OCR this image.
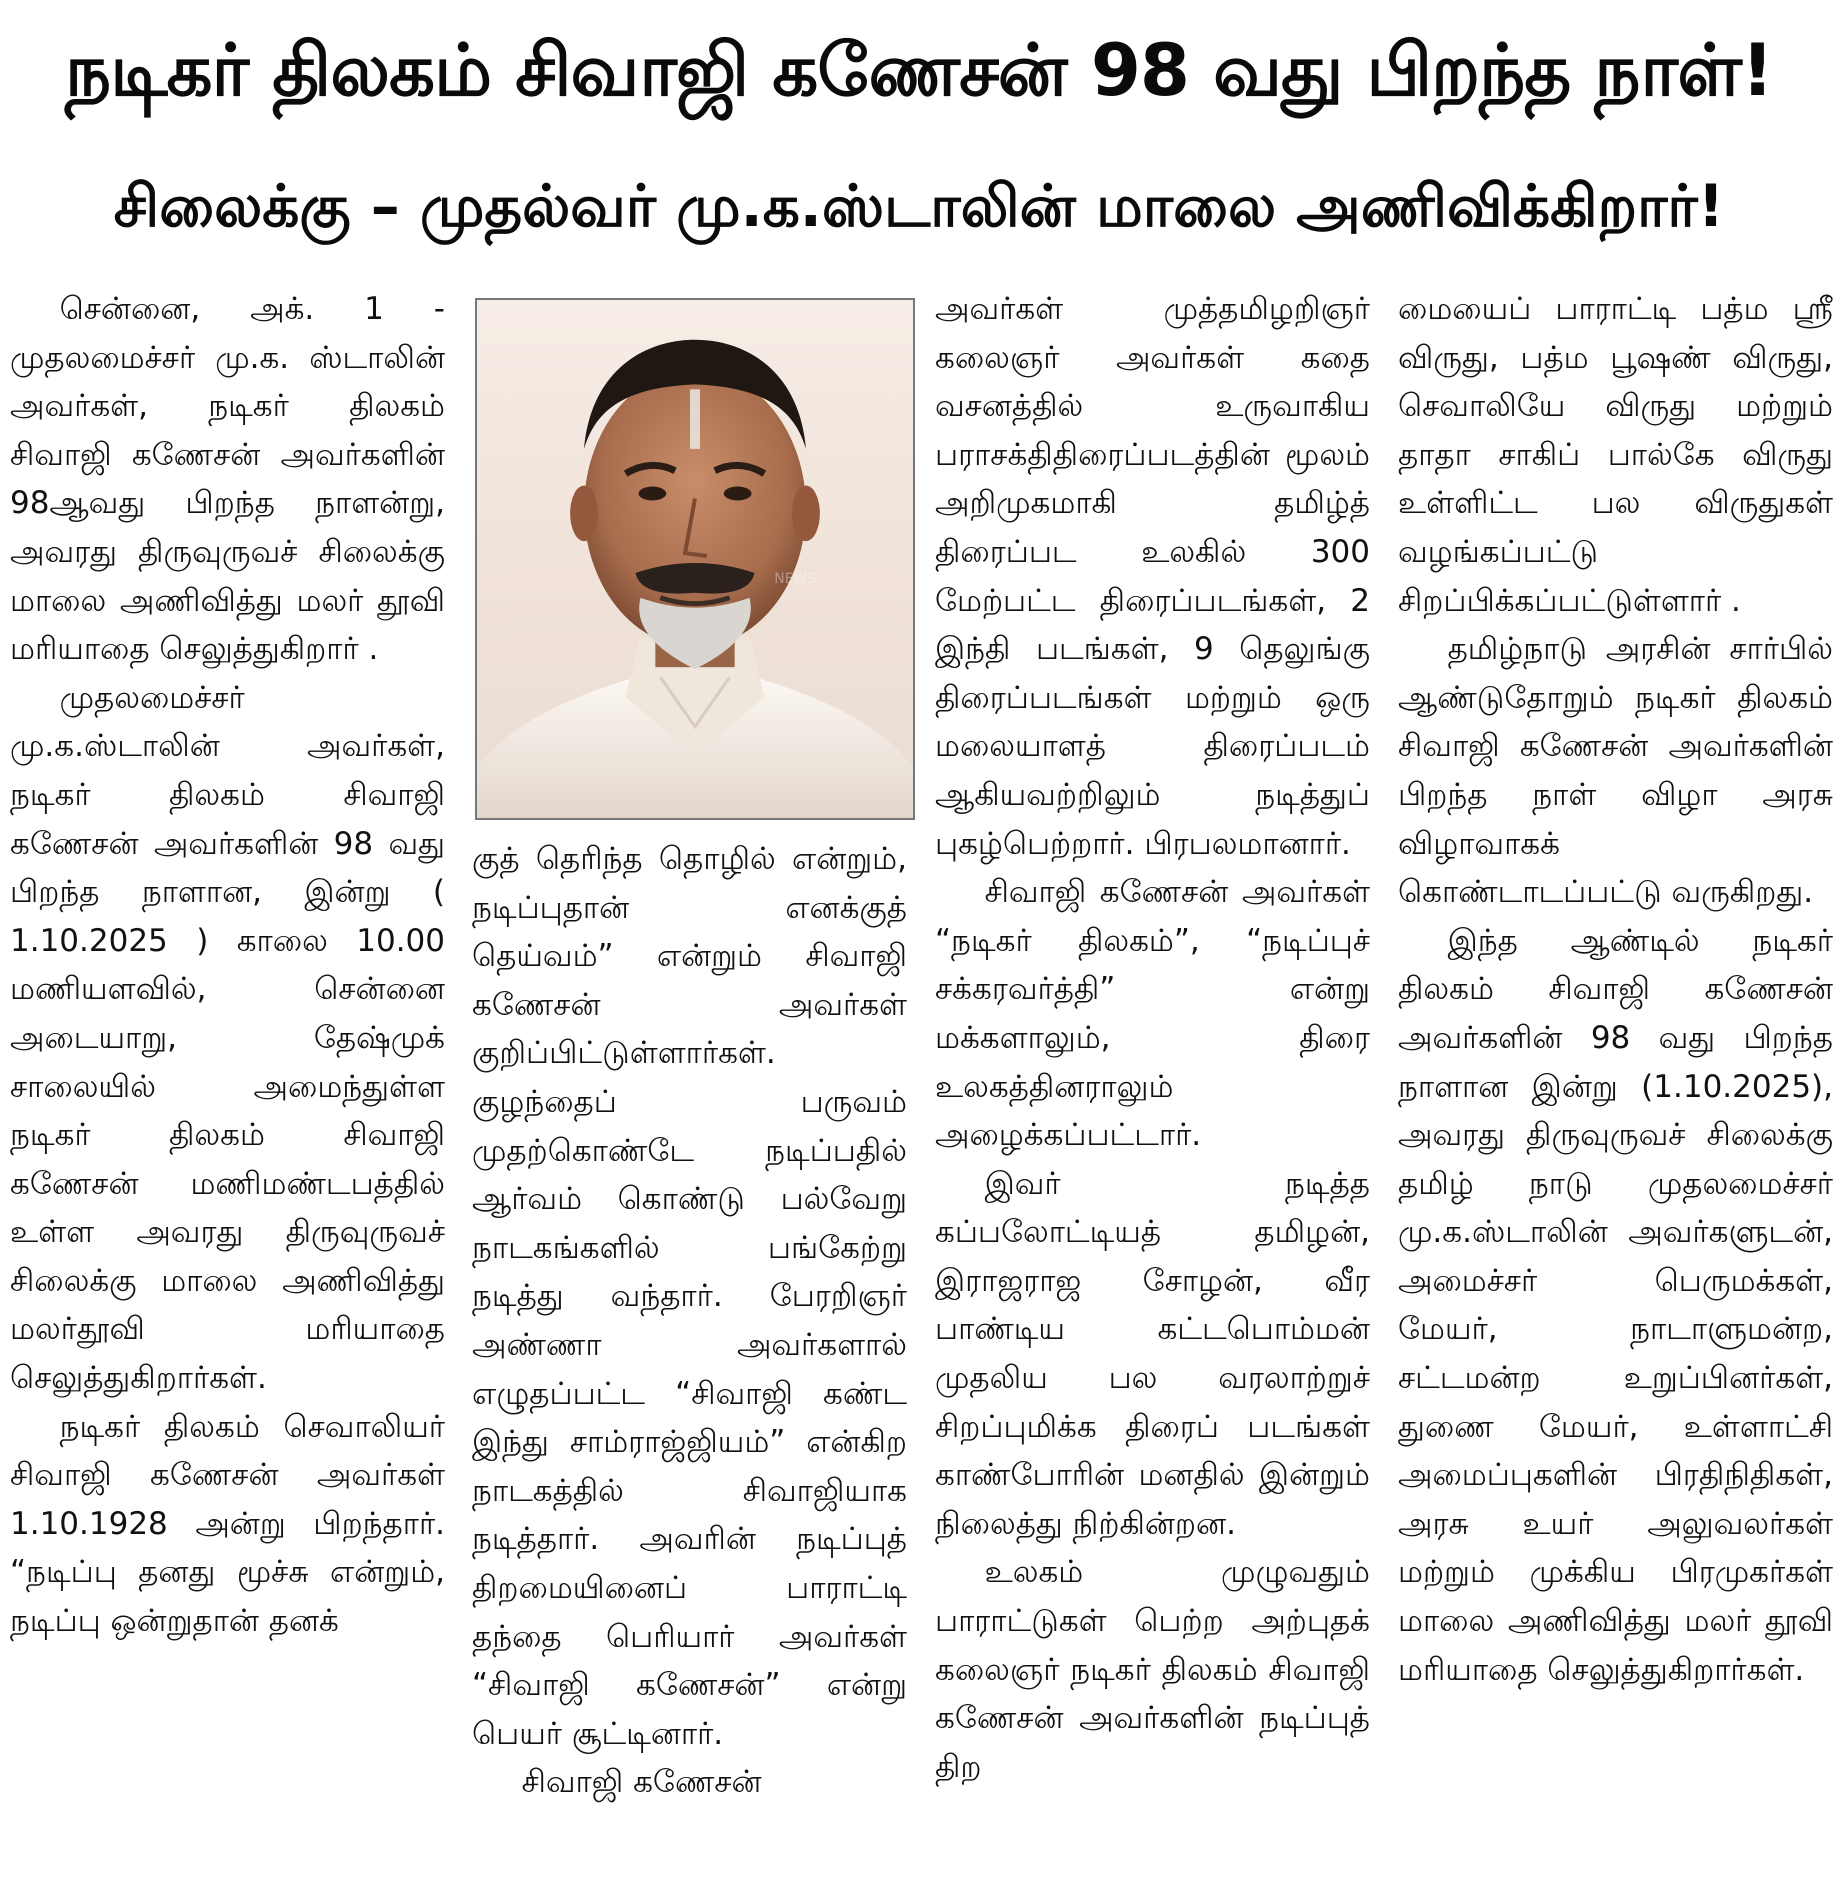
நடிகர் திலகம் சிவாஜி கணேசன் 98 வது பிறந்த நாள்!
சிலைக்கு – முதல்வர் மு.க.ஸ்டாலின் மாலை அணிவிக்கிறார்!

சென்னை, அக். 1 - முதலமைச்சர் மு.க. ஸ்டாலின் அவர்கள், நடிகர் திலகம் சிவாஜி கணேசன் அவர்களின் 98ஆவது பிறந்த நாளன்று, அவரது திருவுருவச் சிலைக்கு மாலை அணிவித்து மலர் தூவி மரியாதை செலுத்துகிறார் .

முதலமைச்சர் மு.க.ஸ்டாலின் அவர்கள், நடிகர் திலகம் சிவாஜி கணேசன் அவர்களின் 98 வது பிறந்த நாளான, இன்று ( 1.10.2025 ) காலை 10.00 மணியளவில், சென்னை அடையாறு, தேஷ்முக் சாலையில் அமைந்துள்ள நடிகர் திலகம் சிவாஜி கணேசன் மணிமண்டபத்தில் உள்ள அவரது திருவுருவச் சிலைக்கு மாலை அணிவித்து மலர்தூவி மரியாதை செலுத்துகிறார்கள்.

நடிகர் திலகம் செவாலியர் சிவாஜி கணேசன் அவர்கள் 1.10.1928 அன்று பிறந்தார். “நடிப்பு தனது மூச்சு என்றும், நடிப்பு ஒன்றுதான் தனக்

NEWS

குத் தெரிந்த தொழில் என்றும், நடிப்புதான் எனக்குத் தெய்வம்” என்றும் சிவாஜி கணேசன் அவர்கள் குறிப்பிட்டுள்ளார்கள். குழந்தைப் பருவம் முதற்கொண்டே நடிப்பதில் ஆர்வம் கொண்டு பல்வேறு நாடகங்களில் பங்கேற்று நடித்து வந்தார். பேரறிஞர் அண்ணா அவர்களால் எழுதப்பட்ட “சிவாஜி கண்ட இந்து சாம்ராஜ்ஜியம்” என்கிற நாடகத்தில் சிவாஜியாக நடித்தார். அவரின் நடிப்புத் திறமையினைப் பாராட்டி தந்தை பெரியார் அவர்கள் “சிவாஜி கணேசன்” என்று பெயர் சூட்டினார்.

சிவாஜி கணேசன்

அவர்கள் முத்தமிழறிஞர் கலைஞர் அவர்கள் கதை வசனத்தில் உருவாகிய பராசக்திதிரைப்படத்தின் மூலம் அறிமுகமாகி தமிழ்த் திரைப்பட உலகில் 300 மேற்பட்ட திரைப்படங்கள், 2 இந்தி படங்கள், 9 தெலுங்கு திரைப்படங்கள் மற்றும் ஒரு மலையாளத் திரைப்படம் ஆகியவற்றிலும் நடித்துப் புகழ்பெற்றார். பிரபலமானார்.

சிவாஜி கணேசன் அவர்கள் “நடிகர் திலகம்”, “நடிப்புச் சக்கரவர்த்தி” என்று மக்களாலும், திரை உலகத்தினராலும் அழைக்கப்பட்டார்.

இவர் நடித்த கப்பலோட்டியத் தமிழன், இராஜராஜ சோழன், வீர பாண்டிய கட்டபொம்மன் முதலிய பல வரலாற்றுச் சிறப்புமிக்க திரைப் படங்கள் காண்போரின் மனதில் இன்றும் நிலைத்து நிற்கின்றன.

உலகம் முழுவதும் பாராட்டுகள் பெற்ற அற்புதக் கலைஞர் நடிகர் திலகம் சிவாஜி கணேசன் அவர்களின் நடிப்புத் திற

மையைப் பாராட்டி பத்ம ஸ்ரீ விருது, பத்ம பூஷண் விருது, செவாலியே விருது மற்றும் தாதா சாகிப் பால்கே விருது உள்ளிட்ட பல விருதுகள் வழங்கப்பட்டு சிறப்பிக்கப்பட்டுள்ளார் .

தமிழ்நாடு அரசின் சார்பில் ஆண்டுதோறும் நடிகர் திலகம் சிவாஜி கணேசன் அவர்களின் பிறந்த நாள் விழா அரசு விழாவாகக் கொண்டாடப்பட்டு வருகிறது.

இந்த ஆண்டில் நடிகர் திலகம் சிவாஜி கணேசன் அவர்களின் 98 வது பிறந்த நாளான இன்று (1.10.2025), அவரது திருவுருவச் சிலைக்கு தமிழ் நாடு முதலமைச்சர் மு.க.ஸ்டாலின் அவர்களுடன், அமைச்சர் பெருமக்கள், மேயர், நாடாளுமன்ற, சட்டமன்ற உறுப்பினர்கள், துணை மேயர், உள்ளாட்சி அமைப்புகளின் பிரதிநிதிகள், அரசு உயர் அலுவலர்கள் மற்றும் முக்கிய பிரமுகர்கள் மாலை அணிவித்து மலர் தூவி மரியாதை செலுத்துகிறார்கள்.
